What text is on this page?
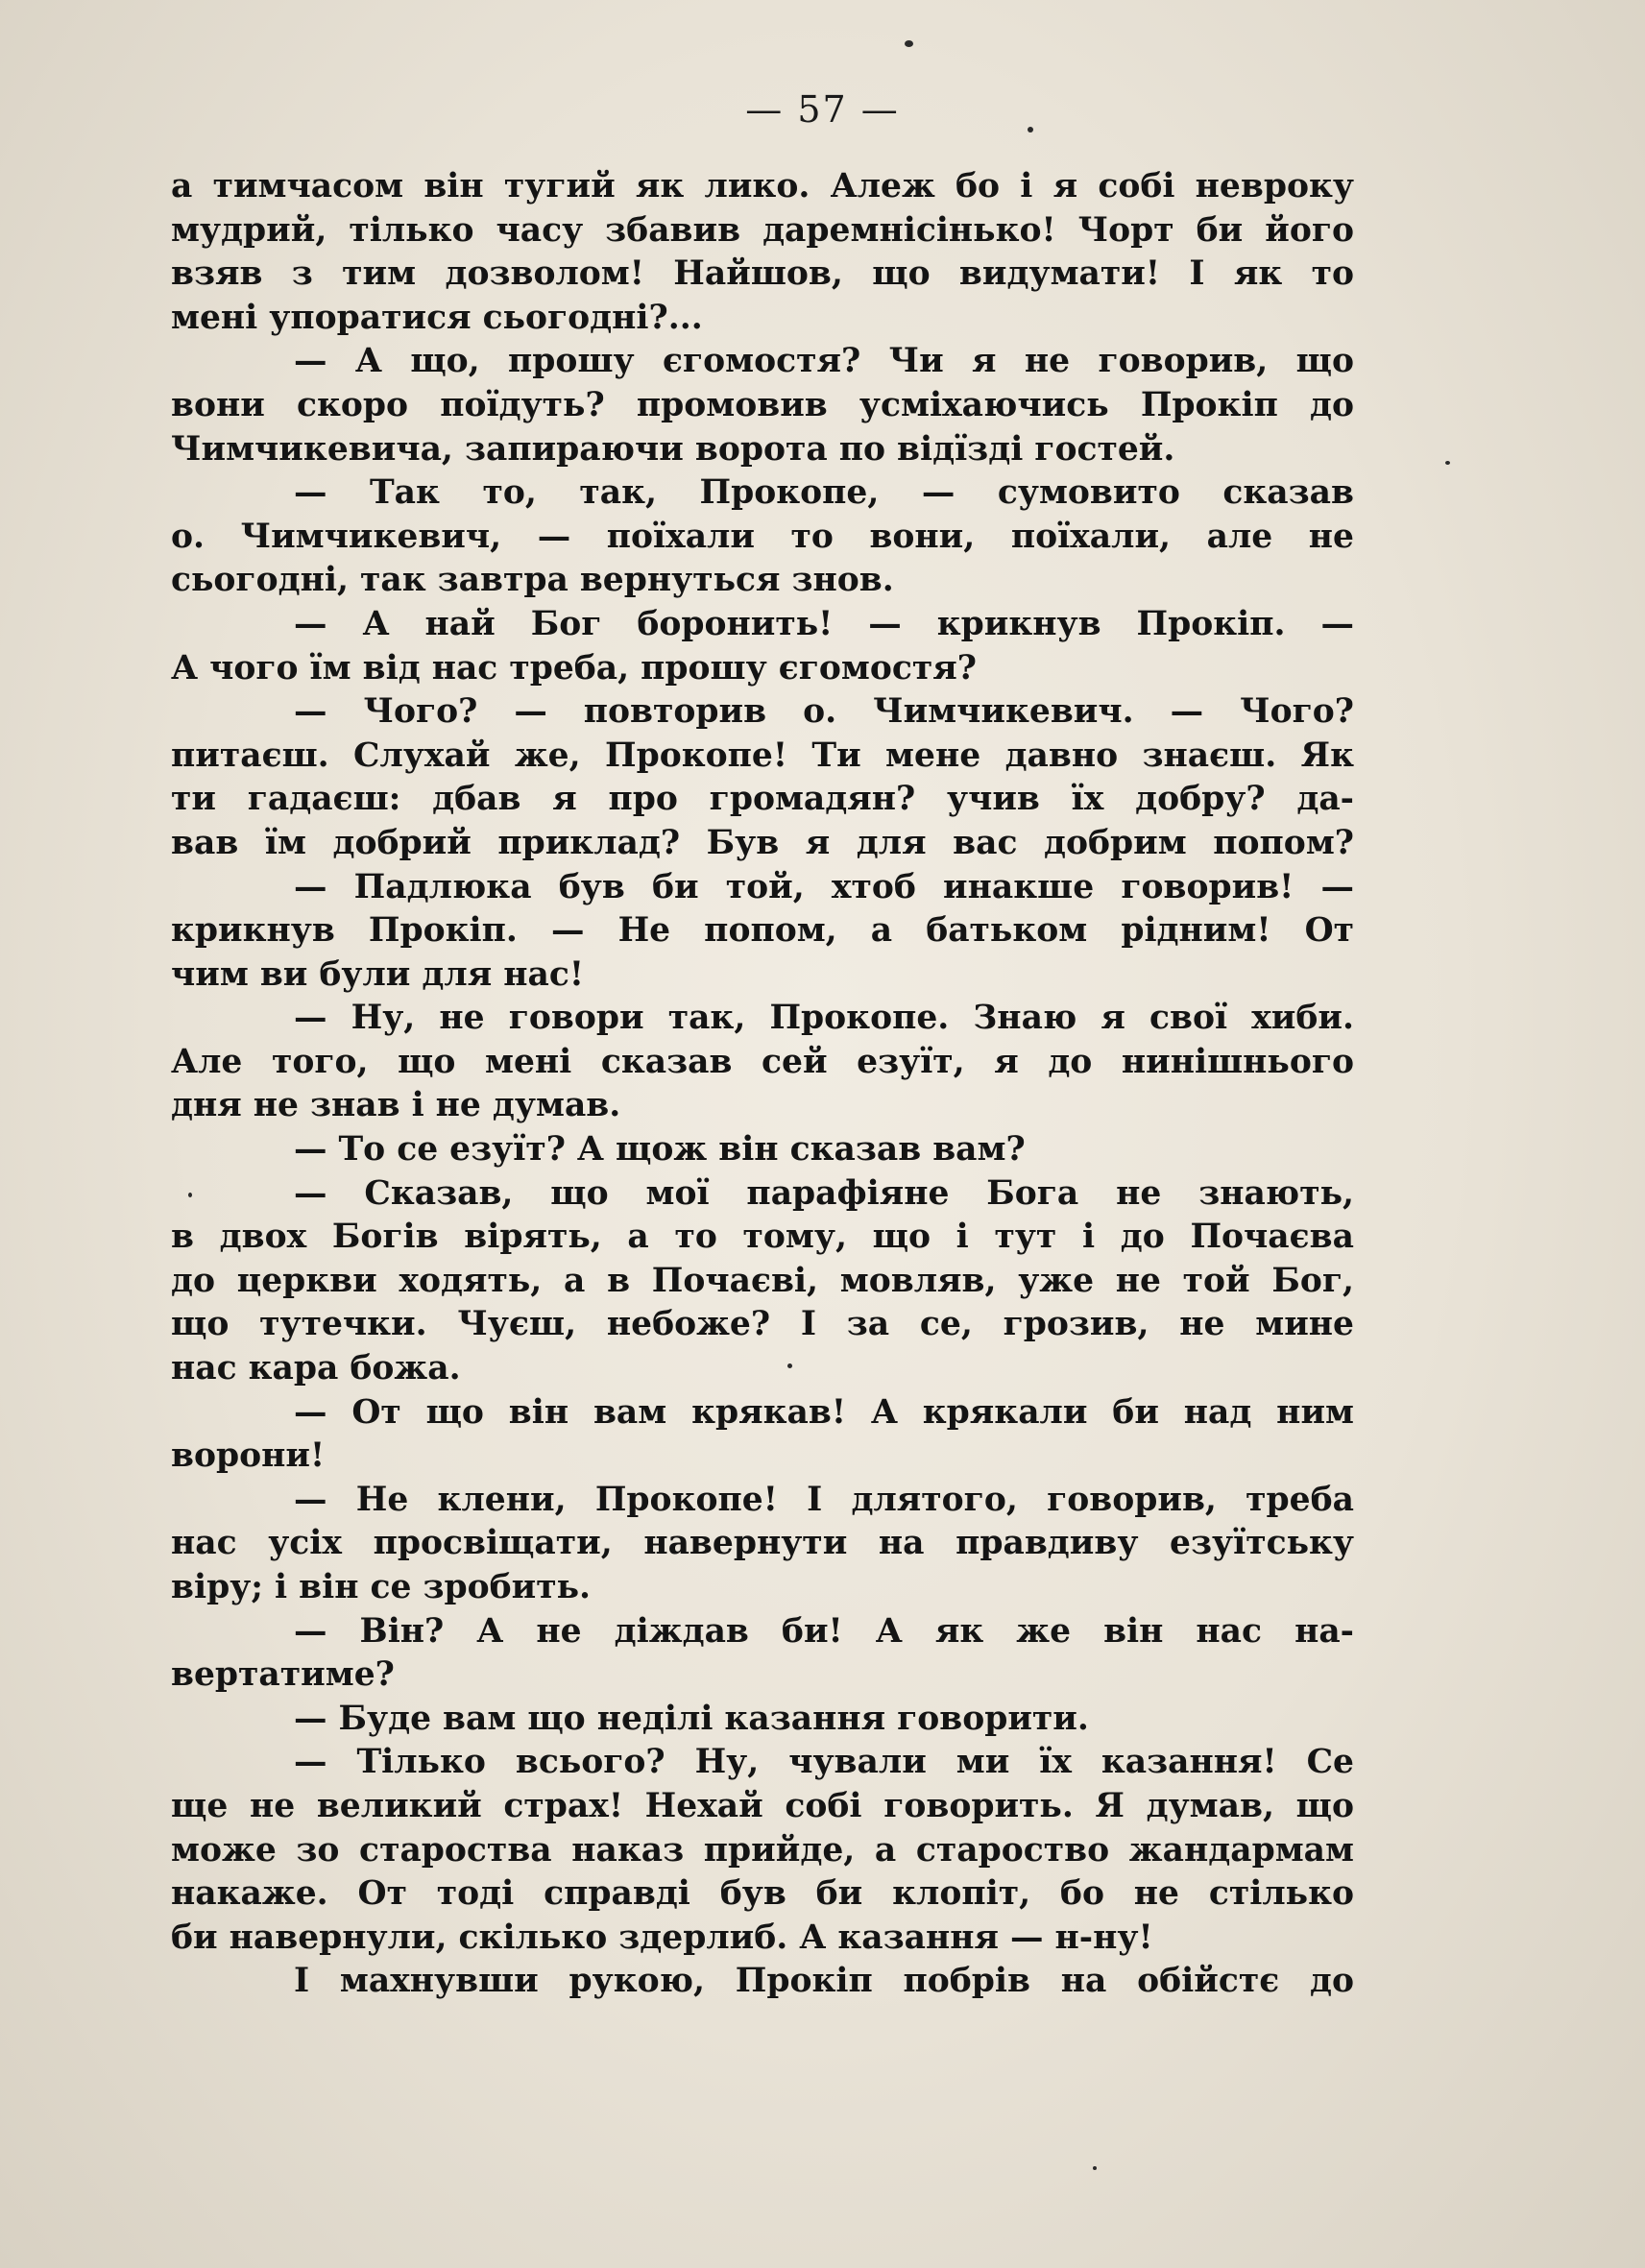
— 57 —
а тимчасом він тугий як лико. Алеж бо і я собі невроку
мудрий, тілько часу збавив даремнісінько! Чорт би його
взяв з тим дозволом! Найшов, що видумати! І як то
мені упоратися сьогодні?...
— А що, прошу єгомостя? Чи я не говорив, що
вони скоро поїдуть? промовив усміхаючись Прокіп до
Чимчикевича, запираючи ворота по відїзді гостей.
— Так то, так, Прокопе, — сумовито сказав
о. Чимчикевич, — поїхали то вони, поїхали, але не
сьогодні, так завтра вернуться знов.
— А най Бог боронить! — крикнув Прокіп. —
А чого їм від нас треба, прошу єгомостя?
— Чого? — повторив о. Чимчикевич. — Чого?
питаєш. Слухай же, Прокопе! Ти мене давно знаєш. Як
ти гадаєш: дбав я про громадян? учив їх добру? да-
вав їм добрий приклад? Був я для вас добрим попом?
— Падлюка був би той, хтоб инакше говорив! —
крикнув Прокіп. — Не попом, а батьком рідним! От
чим ви були для нас!
— Ну, не говори так, Прокопе. Знаю я свої хиби.
Але того, що мені сказав сей езуїт, я до нинішнього
дня не знав і не думав.
— То се езуїт? А щож він сказав вам?
— Сказав, що мої парафіяне Бога не знають,
в двох Богів вірять, а то тому, що і тут і до Почаєва
до церкви ходять, а в Почаєві, мовляв, уже не той Бог,
що тутечки. Чуєш, небоже? І за се, грозив, не мине
нас кара божа.
— От що він вам крякав! А крякали би над ним
ворони!
— Не клени, Прокопе! І длятого, говорив, треба
нас усіх просвіщати, навернути на правдиву езуїтську
віру; і він се зробить.
— Він? А не діждав би! А як же він нас на-
вертатиме?
— Буде вам що неділі казання говорити.
— Тілько всього? Ну, чували ми їх казання! Се
ще не великий страх! Нехай собі говорить. Я думав, що
може зо староства наказ прийде, а староство жандармам
накаже. От тоді справді був би клопіт, бо не стілько
би навернули, скілько здерлиб. А казання — н-ну!
І махнувши рукою, Прокіп побрів на обійстє до
